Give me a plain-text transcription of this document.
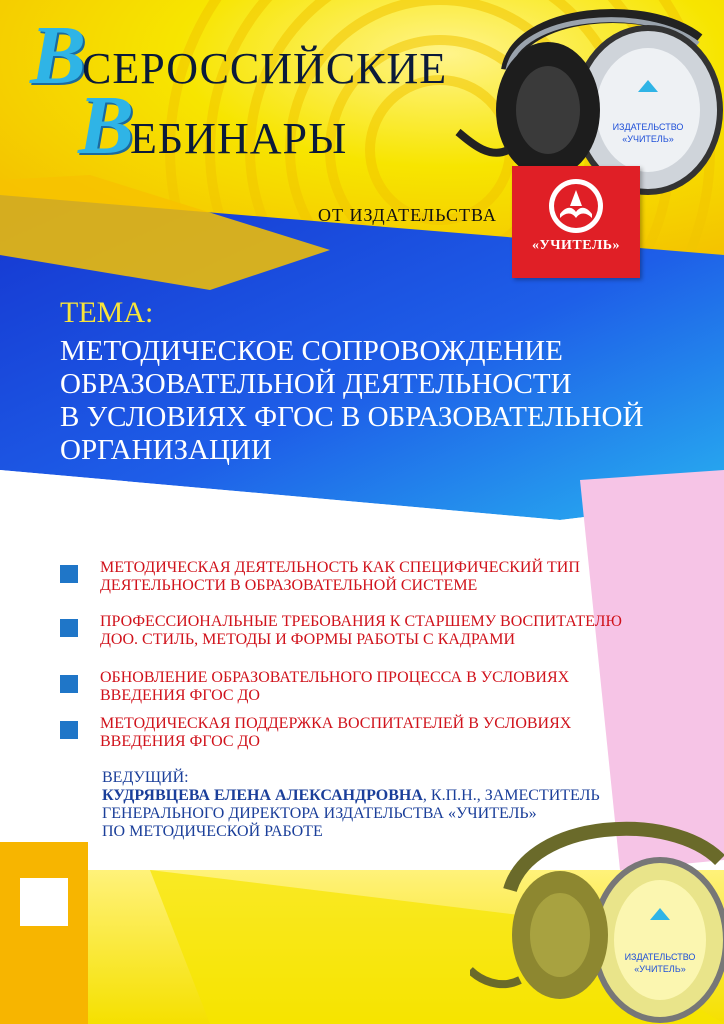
ИЗДАТЕЛЬСТВО
«УЧИТЕЛЬ»
ИЗДАТЕЛЬСТВО
«УЧИТЕЛЬ»
ВСЕРОССИЙСКИЕ
ВЕБИНАРЫ
ОТ ИЗДАТЕЛЬСТВА
«УЧИТЕЛЬ»
ТЕМА:
МЕТОДИЧЕСКОЕ СОПРОВОЖДЕНИЕ
ОБРАЗОВАТЕЛЬНОЙ ДЕЯТЕЛЬНОСТИ
В УСЛОВИЯХ ФГОС В ОБРАЗОВАТЕЛЬНОЙ
ОРГАНИЗАЦИИ
МЕТОДИЧЕСКАЯ ДЕЯТЕЛЬНОСТЬ КАК СПЕЦИФИЧЕСКИЙ ТИП
ДЕЯТЕЛЬНОСТИ В ОБРАЗОВАТЕЛЬНОЙ СИСТЕМЕ
ПРОФЕССИОНАЛЬНЫЕ ТРЕБОВАНИЯ К СТАРШЕМУ ВОСПИТАТЕЛЮ
ДОО. СТИЛЬ, МЕТОДЫ И ФОРМЫ РАБОТЫ С КАДРАМИ
ОБНОВЛЕНИЕ ОБРАЗОВАТЕЛЬНОГО ПРОЦЕССА В УСЛОВИЯХ
ВВЕДЕНИЯ ФГОС ДО
МЕТОДИЧЕСКАЯ ПОДДЕРЖКА ВОСПИТАТЕЛЕЙ В УСЛОВИЯХ
ВВЕДЕНИЯ ФГОС ДО
ВЕДУЩИЙ:
КУДРЯВЦЕВА ЕЛЕНА АЛЕКСАНДРОВНА, К.П.Н., ЗАМЕСТИТЕЛЬ
ГЕНЕРАЛЬНОГО ДИРЕКТОРА ИЗДАТЕЛЬСТВА «УЧИТЕЛЬ»
ПО МЕТОДИЧЕСКОЙ РАБОТЕ
